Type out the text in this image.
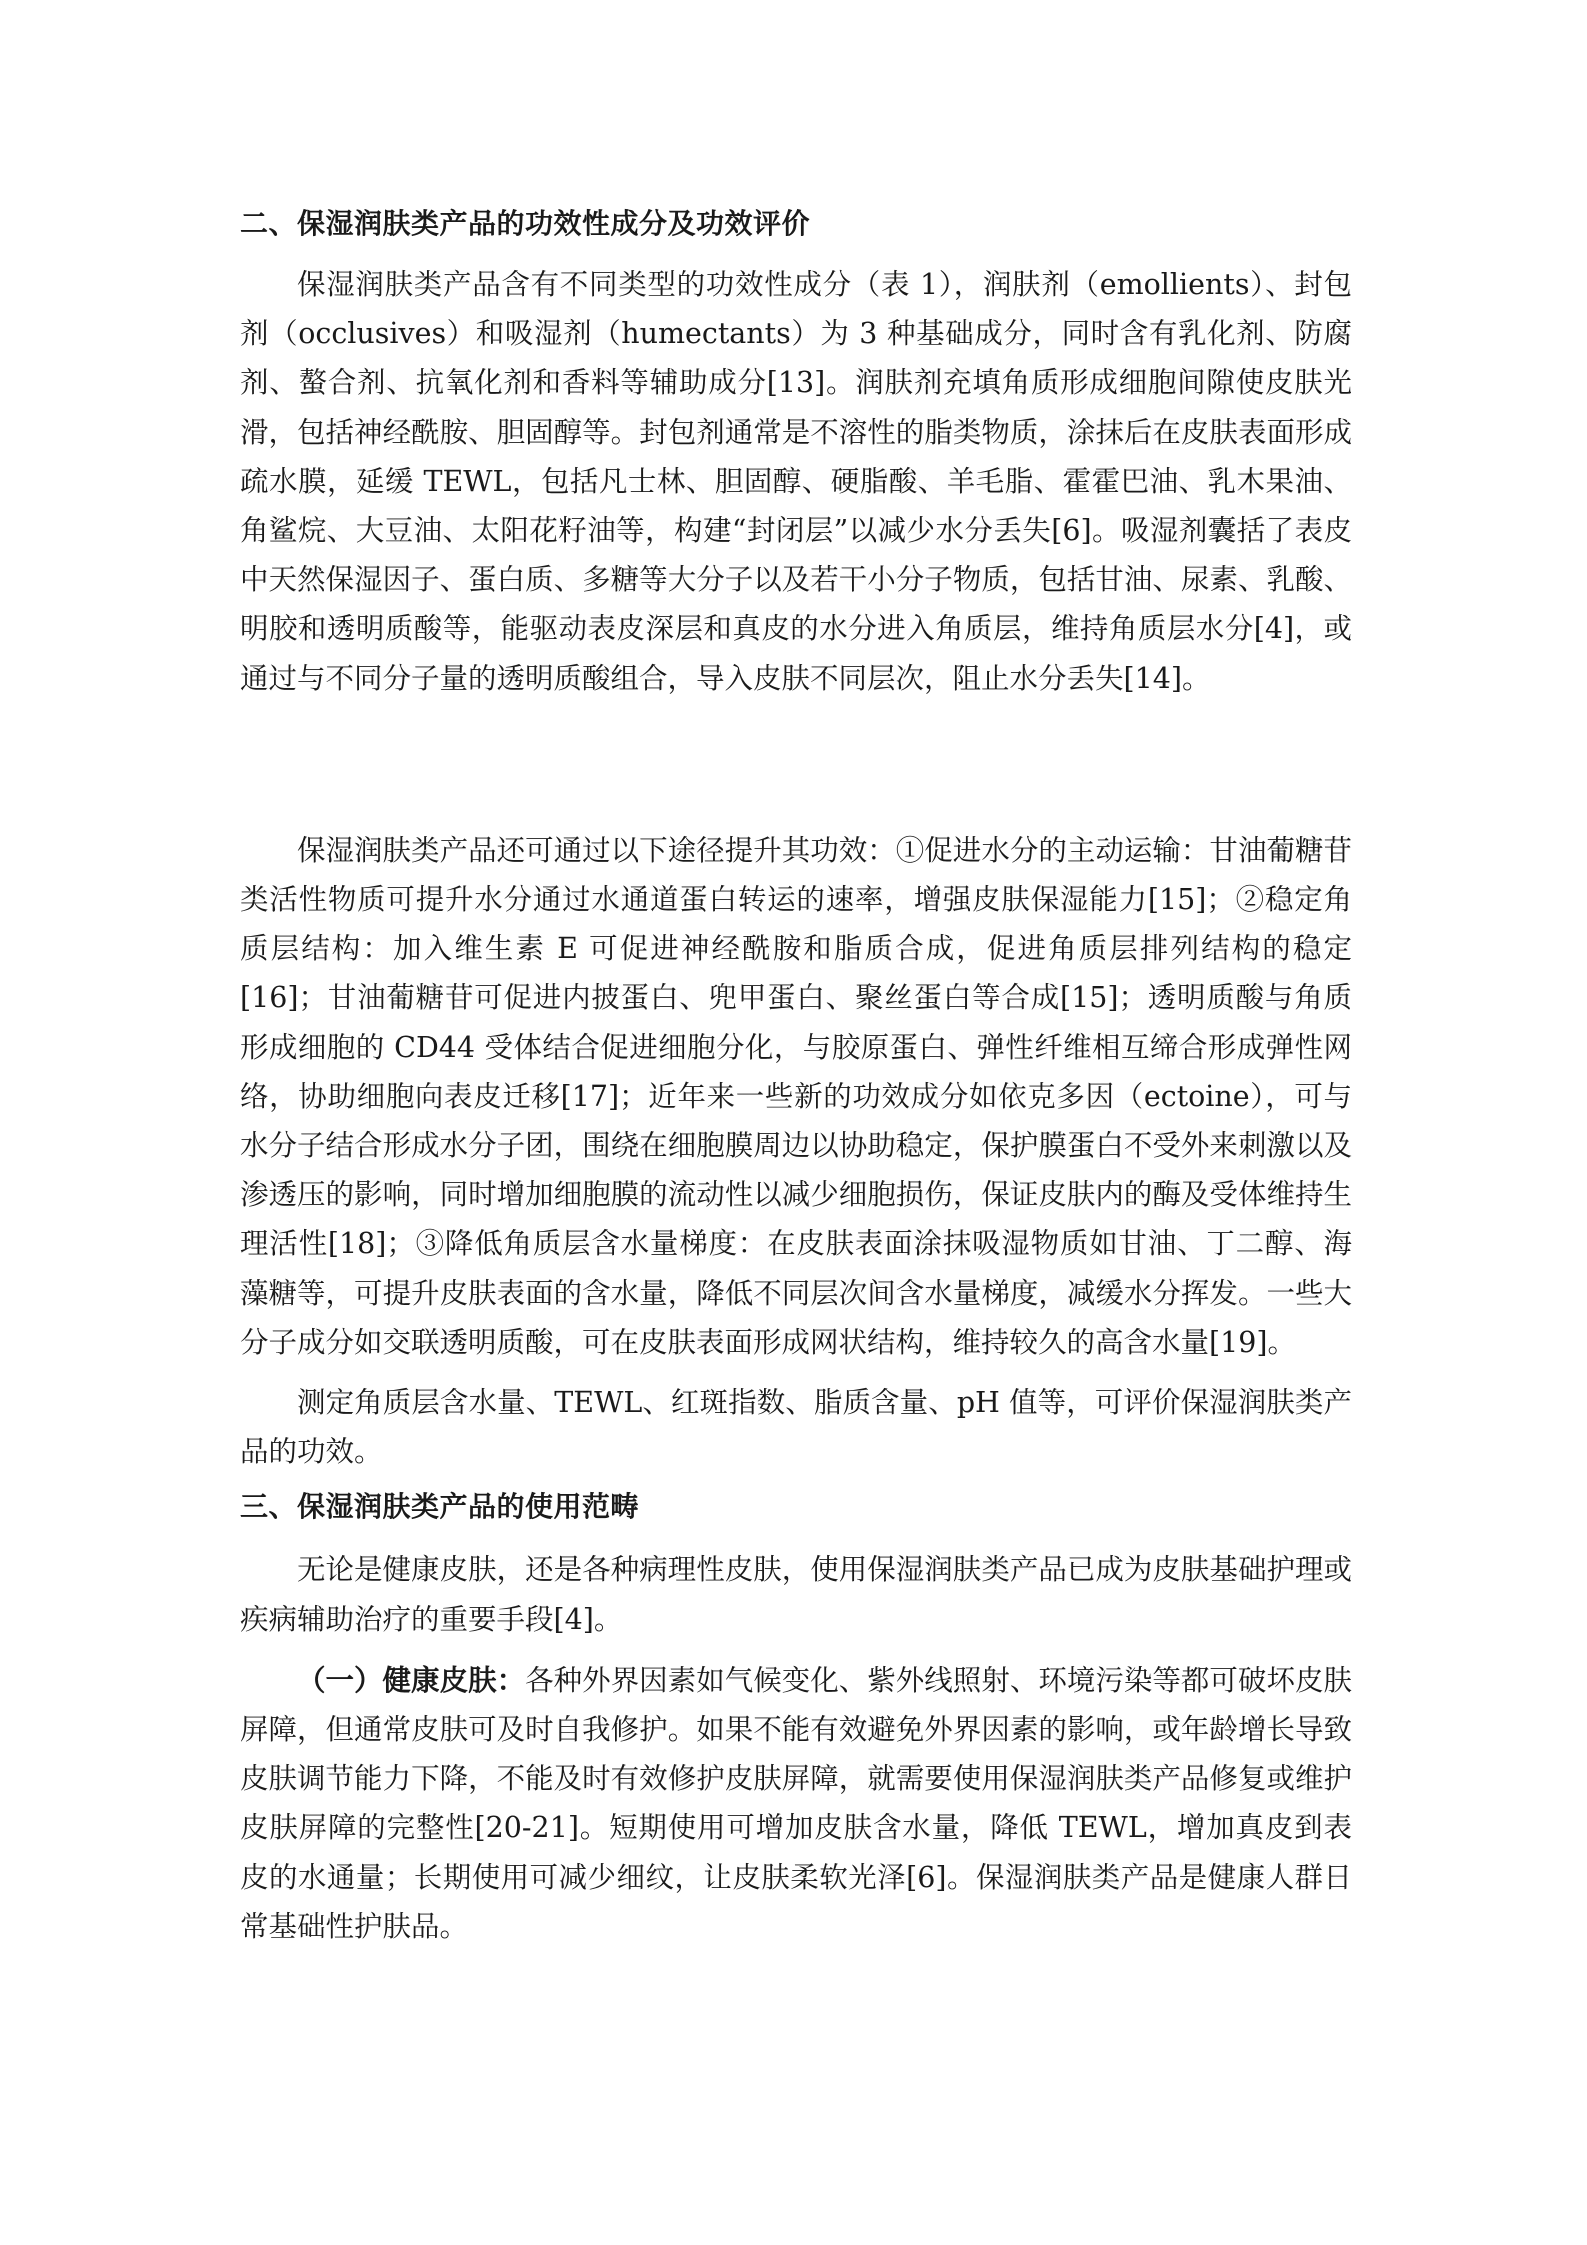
二、保湿润肤类产品的功效性成分及功效评价

保湿润肤类产品含有不同类型的功效性成分（表 1），润肤剂（emollients）、封包剂（occlusives）和吸湿剂（humectants）为 3 种基础成分，同时含有乳化剂、防腐剂、螯合剂、抗氧化剂和香料等辅助成分[13]。润肤剂充填角质形成细胞间隙使皮肤光滑，包括神经酰胺、胆固醇等。封包剂通常是不溶性的脂类物质，涂抹后在皮肤表面形成疏水膜，延缓 TEWL，包括凡士林、胆固醇、硬脂酸、羊毛脂、霍霍巴油、乳木果油、角鲨烷、大豆油、太阳花籽油等，构建“封闭层”以减少水分丢失[6]。吸湿剂囊括了表皮中天然保湿因子、蛋白质、多糖等大分子以及若干小分子物质，包括甘油、尿素、乳酸、明胶和透明质酸等，能驱动表皮深层和真皮的水分进入角质层，维持角质层水分[4]，或通过与不同分子量的透明质酸组合，导入皮肤不同层次，阻止水分丢失[14]。

保湿润肤类产品还可通过以下途径提升其功效：①促进水分的主动运输：甘油葡糖苷类活性物质可提升水分通过水通道蛋白转运的速率，增强皮肤保湿能力[15]；②稳定角质层结构：加入维生素 E 可促进神经酰胺和脂质合成，促进角质层排列结构的稳定[16]；甘油葡糖苷可促进内披蛋白、兜甲蛋白、聚丝蛋白等合成[15]；透明质酸与角质形成细胞的 CD44 受体结合促进细胞分化，与胶原蛋白、弹性纤维相互缔合形成弹性网络，协助细胞向表皮迁移[17]；近年来一些新的功效成分如依克多因（ectoine），可与水分子结合形成水分子团，围绕在细胞膜周边以协助稳定，保护膜蛋白不受外来刺激以及渗透压的影响，同时增加细胞膜的流动性以减少细胞损伤，保证皮肤内的酶及受体维持生理活性[18]；③降低角质层含水量梯度：在皮肤表面涂抹吸湿物质如甘油、丁二醇、海藻糖等，可提升皮肤表面的含水量，降低不同层次间含水量梯度，减缓水分挥发。一些大分子成分如交联透明质酸，可在皮肤表面形成网状结构，维持较久的高含水量[19]。

测定角质层含水量、TEWL、红斑指数、脂质含量、pH 值等，可评价保湿润肤类产品的功效。

三、保湿润肤类产品的使用范畴

无论是健康皮肤，还是各种病理性皮肤，使用保湿润肤类产品已成为皮肤基础护理或疾病辅助治疗的重要手段[4]。

（一）健康皮肤：各种外界因素如气候变化、紫外线照射、环境污染等都可破坏皮肤屏障，但通常皮肤可及时自我修护。如果不能有效避免外界因素的影响，或年龄增长导致皮肤调节能力下降，不能及时有效修护皮肤屏障，就需要使用保湿润肤类产品修复或维护皮肤屏障的完整性[20-21]。短期使用可增加皮肤含水量，降低 TEWL，增加真皮到表皮的水通量；长期使用可减少细纹，让皮肤柔软光泽[6]。保湿润肤类产品是健康人群日常基础性护肤品。
